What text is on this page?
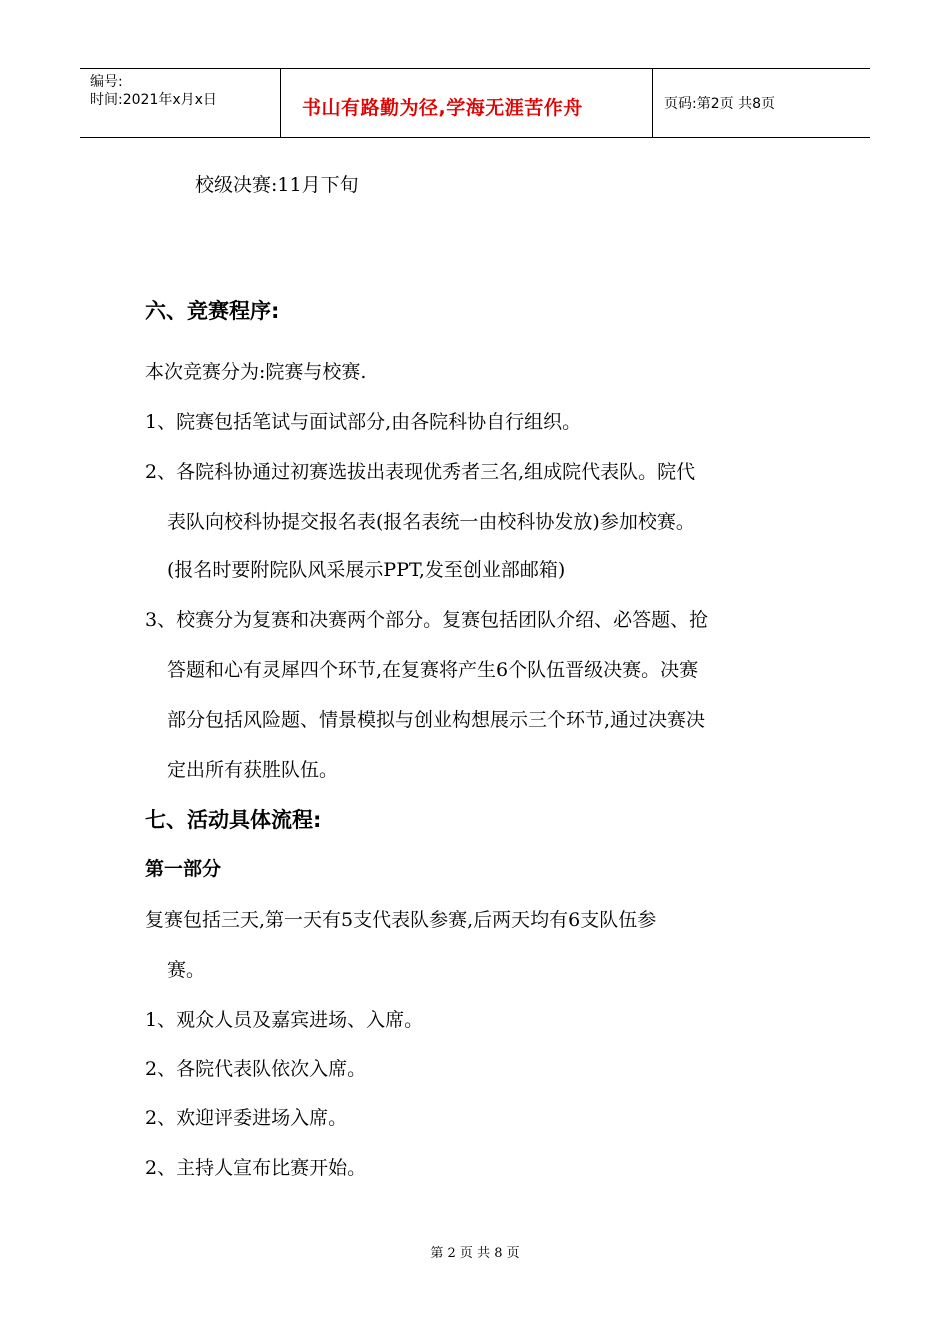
编号:
时间:2021年x月x日	书山有路勤为径,学海无涯苦作舟	页码:第2页 共8页
校级决赛:11月下旬
六、竞赛程序:
本次竞赛分为:院赛与校赛.
1、院赛包括笔试与面试部分,由各院科协自行组织。
2、各院科协通过初赛选拔出表现优秀者三名,组成院代表队。院代
表队向校科协提交报名表(报名表统一由校科协发放)参加校赛。
(报名时要附院队风采展示PPT,发至创业部邮箱)
3、校赛分为复赛和决赛两个部分。复赛包括团队介绍、必答题、抢
答题和心有灵犀四个环节,在复赛将产生6个队伍晋级决赛。决赛
部分包括风险题、情景模拟与创业构想展示三个环节,通过决赛决
定出所有获胜队伍。
七、活动具体流程:
第一部分
复赛包括三天,第一天有5支代表队参赛,后两天均有6支队伍参
赛。
1、观众人员及嘉宾进场、入席。
2、各院代表队依次入席。
2、欢迎评委进场入席。
2、主持人宣布比赛开始。
第 2 页 共 8 页
